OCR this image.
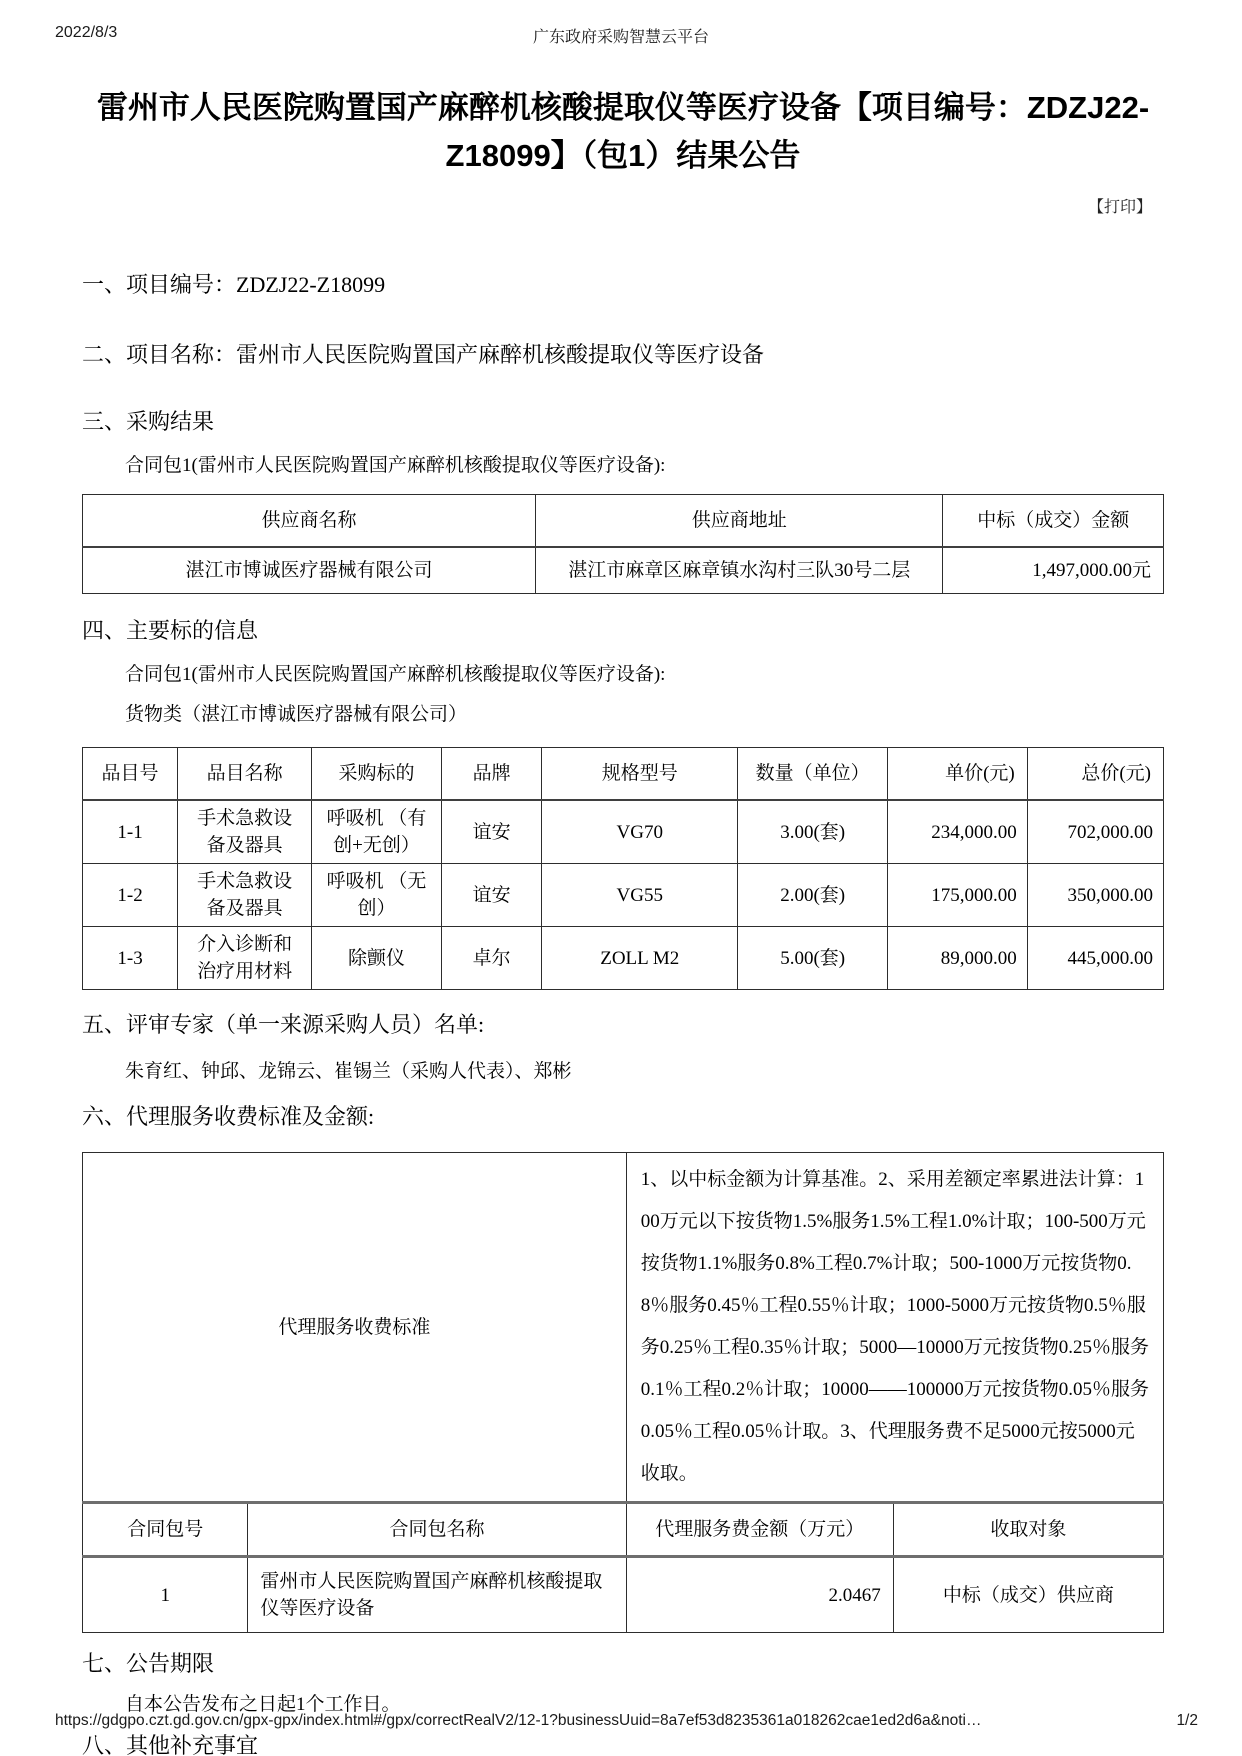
2022/8/3	广东政府采购智慧云平台
雷州市人民医院购置国产麻醉机核酸提取仪等医疗设备【项目编号：ZDZJ22-Z18099】（包1）结果公告
【打印】
一、项目编号：ZDZJ22-Z18099
二、项目名称：雷州市人民医院购置国产麻醉机核酸提取仪等医疗设备
三、采购结果

合同包1(雷州市人民医院购置国产麻醉机核酸提取仪等医疗设备):

供应商名称	供应商地址	中标（成交）金额
湛江市博诚医疗器械有限公司	湛江市麻章区麻章镇水沟村三队30号二层	1,497,000.00元
四、主要标的信息

合同包1(雷州市人民医院购置国产麻醉机核酸提取仪等医疗设备):

货物类（湛江市博诚医疗器械有限公司）

品目号	品目名称	采购标的	品牌	规格型号	数量（单位）	单价(元)	总价(元)
1-1	手术急救设备及器具	呼吸机 （有创+无创）	谊安	VG70	3.00(套)	234,000.00	702,000.00
1-2	手术急救设备及器具	呼吸机 （无创）	谊安	VG55	2.00(套)	175,000.00	350,000.00
1-3	介入诊断和治疗用材料	除颤仪	卓尔	ZOLL M2	5.00(套)	89,000.00	445,000.00
五、评审专家（单一来源采购人员）名单:

朱育红、钟邱、龙锦云、崔锡兰（采购人代表）、郑彬

六、代理服务收费标准及金额:
代理服务收费标准		1、以中标金额为计算基准。2、采用差额定率累进法计算：100万元以下按货物1.5%服务1.5%工程1.0%计取；100-500万元按货物1.1%服务0.8%工程0.7%计取；500-1000万元按货物0.8％服务0.45％工程0.55％计取；1000-5000万元按货物0.5％服务0.25％工程0.35％计取；5000—10000万元按货物0.25％服务0.1％工程0.2％计取；10000——100000万元按货物0.05％服务0.05％工程0.05％计取。3、代理服务费不足5000元按5000元收取。	
合同包号	合同包名称	代理服务费金额（万元）	收取对象
1	雷州市人民医院购置国产麻醉机核酸提取仪等医疗设备	2.0467	中标（成交）供应商
七、公告期限

自本公告发布之日起1个工作日。

八、其他补充事宜
https://gdgpo.czt.gd.gov.cn/gpx-gpx/index.html#/gpx/correctRealV2/12-1?businessUuid=8a7ef53d8235361a018262cae1ed2d6a&noti…	1/2
